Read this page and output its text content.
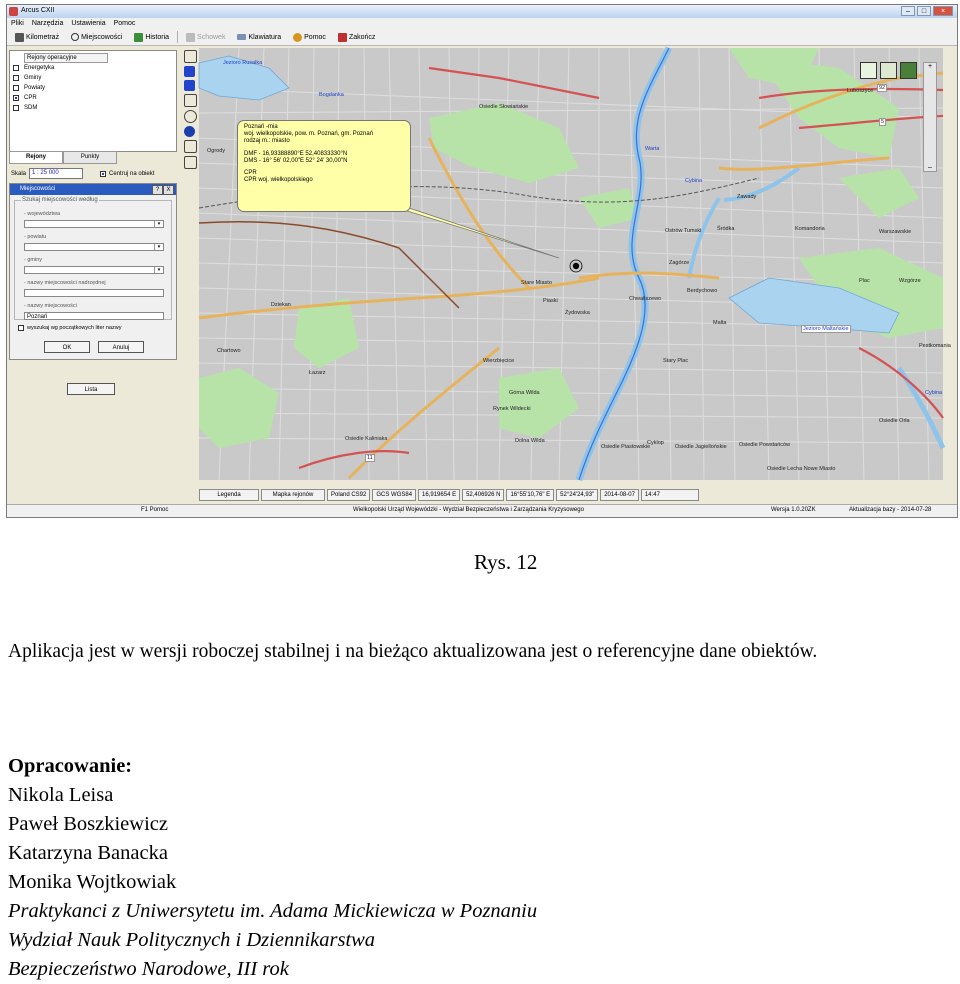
Arcus CXII	–	□	×
Pliki Narzędzia Ustawienia Pomoc
Kilometraż	Miejscowości	Historia	Schowek	Klawiatura	Pomoc	Zakończ
Rejony operacyjne
Energetyka
Gminy
Powiaty
CPR
SDM
Rejony	Punkty
Skala	1 : 25 000	Centruj na obiekt
Miejscowości	?	X
Szukaj miejscowości według
- województwa
▾
- powiatu
▾
- gminy
▾
- nazwy miejscowości nadrzędnej
- nazwy miejscowości
Poznań
wyszukaj wg początkowych liter nazwy
OK	Anuluj
Lista
Jezioro Rusalka
Bogdanka
Osiedle Słowiańskie
Ogrody	Warta
Cybina
Zawady
Ostrów Tumski	Śródka	Komandoria	Warszawskie
Stare Miasto
Piaski
Zagórze
Berdychowo
Chwaliszewo
Malta
Jezioro Maltańskie
Dziekan
Żydowska
Chartowo
Wierzbięcice	Stary Plac
Łazarz
Górna Wilda
Rynek Wildecki
Dolna Wilda
Osiedle Kaliniaka
Osiedle Piastowskie	Osiedle Jagiellońskie
Osiedle Lecha Nowe Miasto
Osiedle Powstańców
Cyklop
Plac	Wzgórze
Osiedle Orła
Pestkomania
Luboszyce
Cybina
5
92
11
Poznań -mia
woj. wielkopolskie, pow. m. Poznań, gm. Poznań
rodzaj m.: miasto
DMF - 16,93388890°E 52,40833330°N
DMS - 16° 56' 02,00"E 52° 24' 30,00"N
CPR
CPR woj. wielkopolskiego
+
–
Legenda	Mapka rejonów	Poland CS92	GCS WGS84	16,919654 E	52,406926 N	16°55'10,76" E	52°24'24,93"	2014-08-07	14:47
F1 Pomoc	Wielkopolski Urząd Wojewódzki - Wydział Bezpieczeństwa i Zarządzania Kryzysowego	Wersja 1.0.20ZK	Aktualizacja bazy - 2014-07-28
Rys. 12
Aplikacja jest w wersji roboczej stabilnej i na bieżąco aktualizowana jest o referencyjne dane obiektów.
Opracowanie:
Nikola Leisa
Paweł Boszkiewicz
Katarzyna Banacka
Monika Wojtkowiak
Praktykanci z Uniwersytetu im. Adama Mickiewicza w Poznaniu
Wydział Nauk Politycznych i Dziennikarstwa
Bezpieczeństwo Narodowe, III rok
